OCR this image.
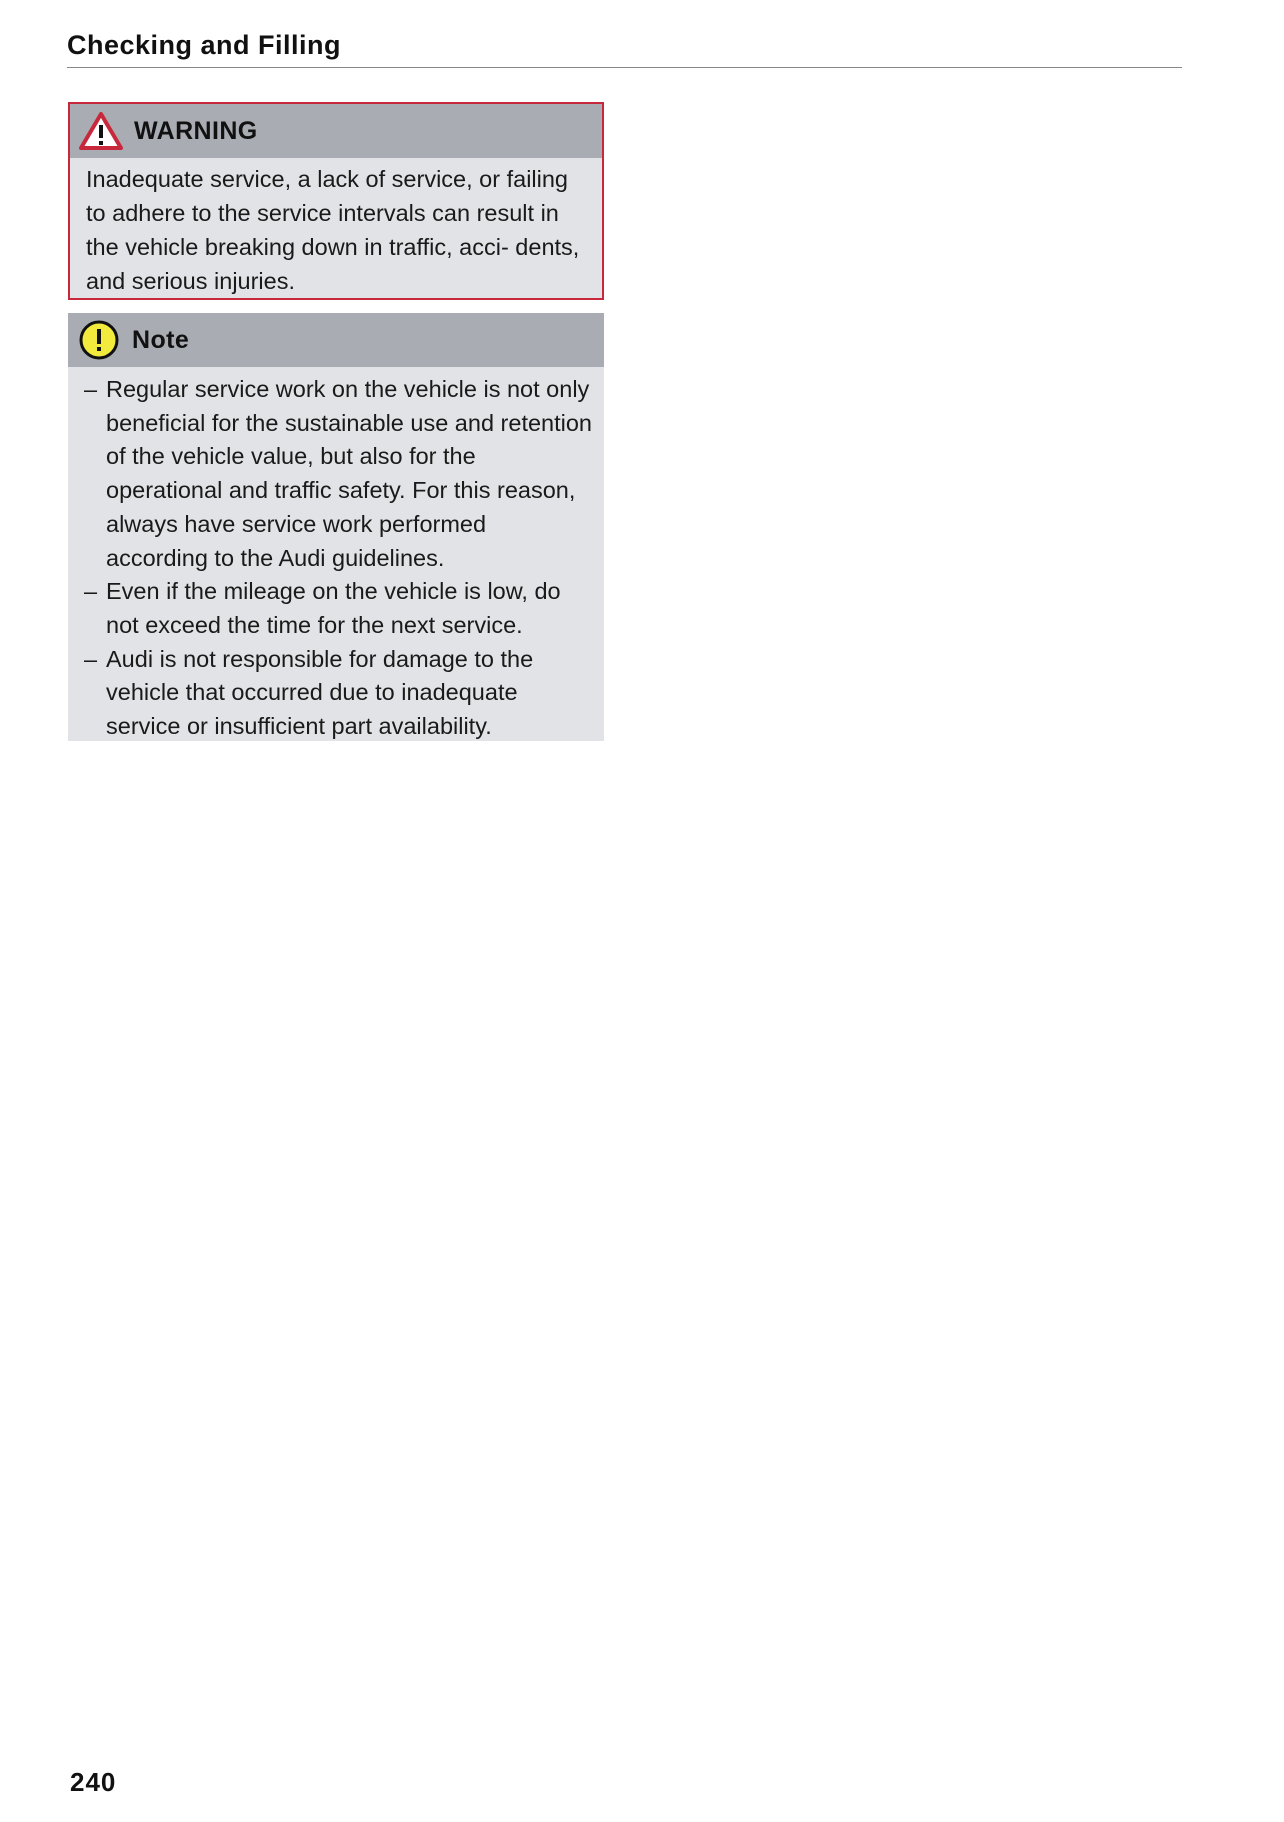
Checking and Filling
WARNING
Inadequate service, a lack of service, or failing to adhere to the service intervals can result in the vehicle breaking down in traffic, acci- dents, and serious injuries.
Note
– Regular service work on the vehicle is not only beneficial for the sustainable use and retention of the vehicle value, but also for the operational and traffic safety. For this reason, always have service work performed according to the Audi guidelines.
– Even if the mileage on the vehicle is low, do not exceed the time for the next service.
– Audi is not responsible for damage to the vehicle that occurred due to inadequate service or insufficient part availability.
240
